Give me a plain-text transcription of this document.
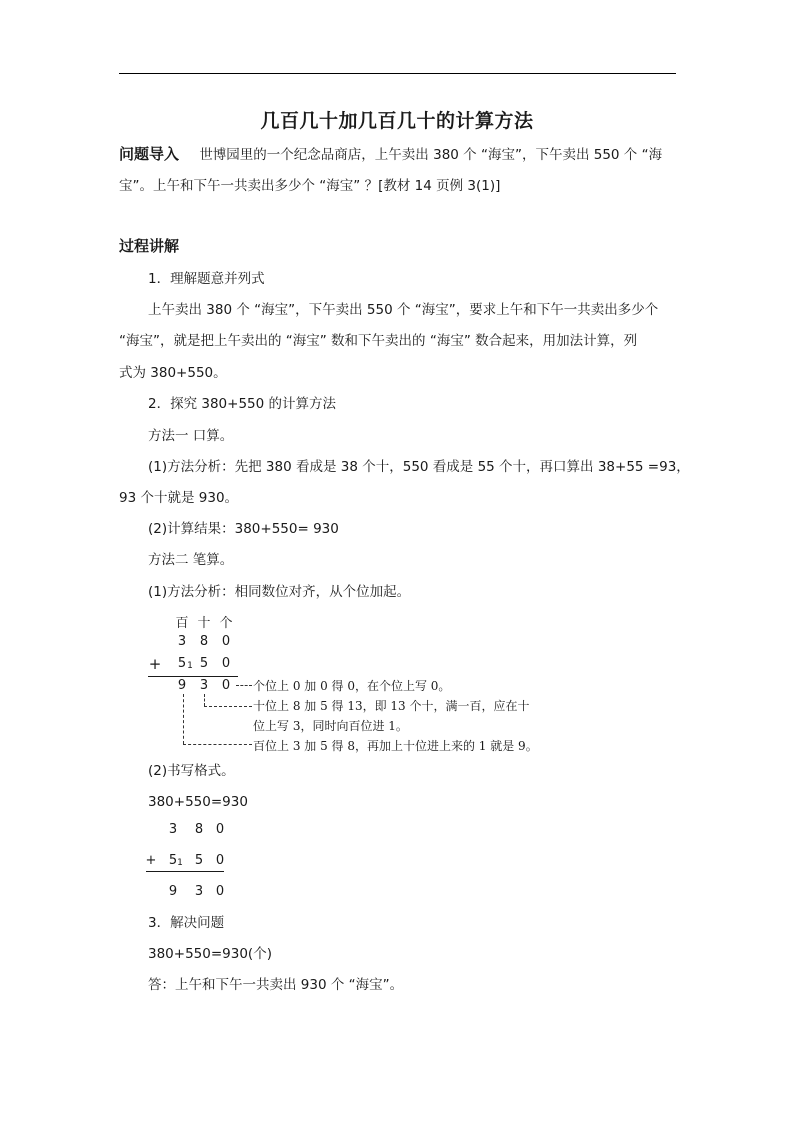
几百几十加几百几十的计算方法
问题导入 世博园里的一个纪念品商店，上午卖出 380 个 “海宝”，下午卖出 550 个 “海
宝”。上午和下午一共卖出多少个 “海宝” ？[教材 14 页例 3(1)]
过程讲解
1．理解题意并列式
上午卖出 380 个 “海宝”，下午卖出 550 个 “海宝”，要求上午和下午一共卖出多少个
“海宝”，就是把上午卖出的 “海宝” 数和下午卖出的 “海宝” 数合起来，用加法计算，列
式为 380+550。
2．探究 380+550 的计算方法
方法一 口算。
(1)方法分析：先把 380 看成是 38 个十，550 看成是 55 个十，再口算出 38+55 =93，
93 个十就是 930。
(2)计算结果：380+550= 930
方法二 笔算。
(1)方法分析：相同数位对齐，从个位加起。
百 十 个
3 8 0
+ 5 1 5 0
9 3 0 个位上 0 加 0 得 0，在个位上写 0。
十位上 8 加 5 得 13，即 13 个十，满一百，应在十
位上写 3，同时向百位进 1。
百位上 3 加 5 得 8，再加上十位进上来的 1 就是 9。
(2)书写格式。
380+550=930
3 8 0
+ 5 1 5 0
9 3 0
3．解决问题
380+550=930(个)
答：上午和下午一共卖出 930 个 “海宝”。
